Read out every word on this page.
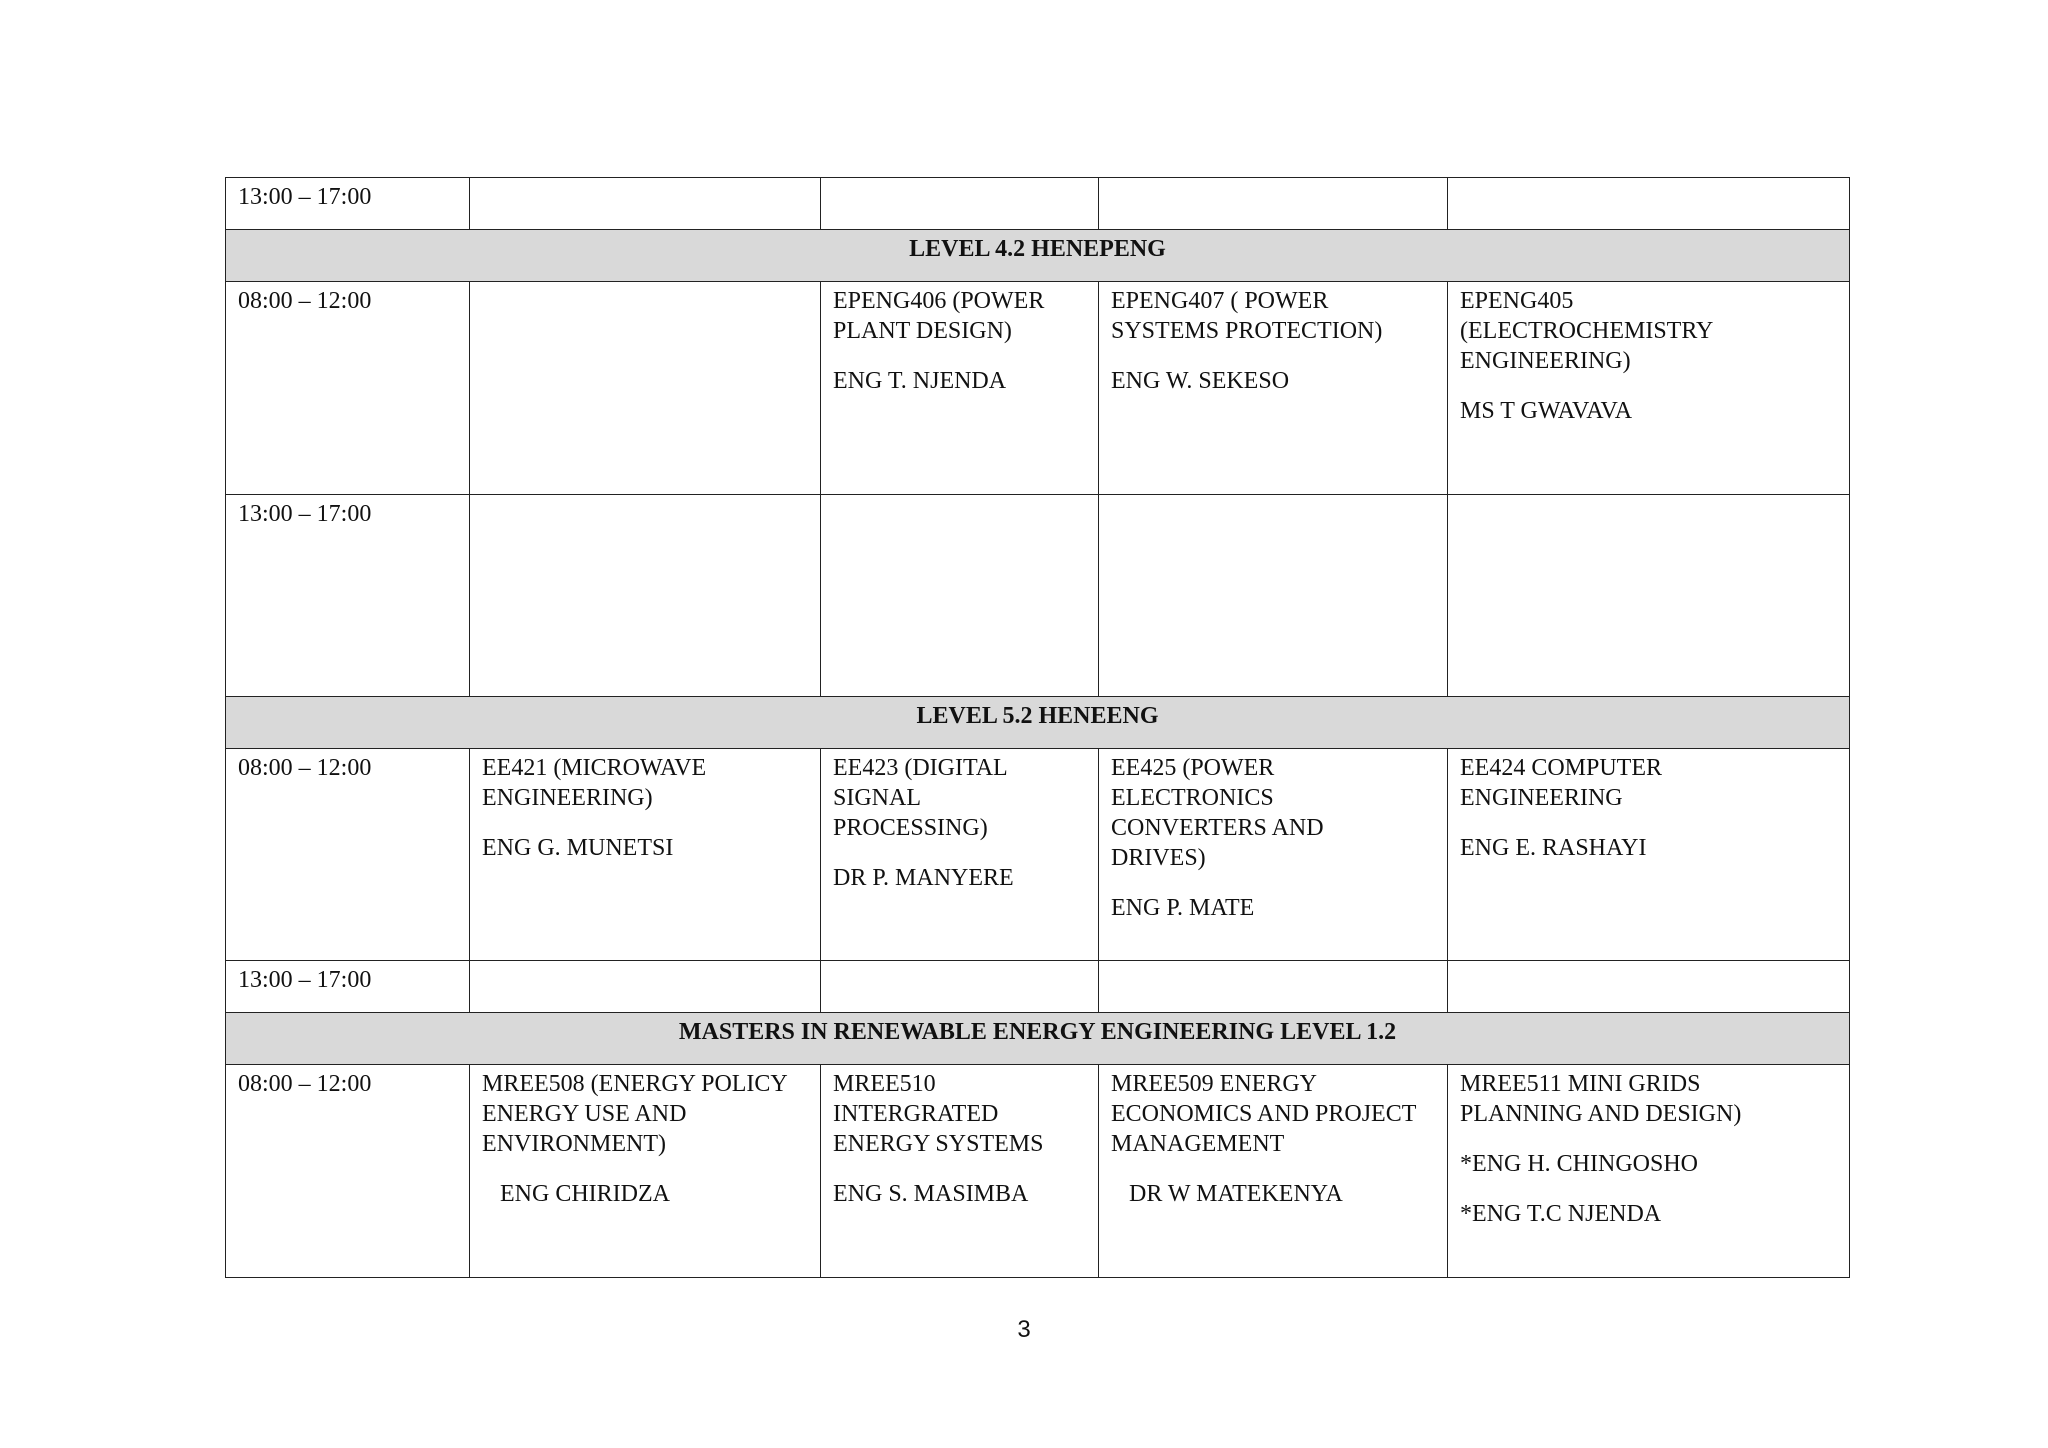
13:00 – 17:00				
LEVEL 4.2 HENEPENG				
08:00 – 12:00		EPENG406 (POWER
PLANT DESIGN)
ENG T. NJENDA	EPENG407 ( POWER
SYSTEMS PROTECTION)
ENG W. SEKESO	EPENG405
(ELECTROCHEMISTRY
ENGINEERING)
MS T GWAVAVA

13:00 – 17:00				
LEVEL 5.2 HENEENG				
08:00 – 12:00	EE421 (MICROWAVE
ENGINEERING)
ENG G. MUNETSI	EE423 (DIGITAL
SIGNAL
PROCESSING)
DR P. MANYERE	EE425 (POWER
ELECTRONICS
CONVERTERS AND
DRIVES)
ENG P. MATE	EE424 COMPUTER
ENGINEERING
ENG E. RASHAYI

13:00 – 17:00				
MASTERS IN RENEWABLE ENERGY ENGINEERING LEVEL 1.2				
08:00 – 12:00	MREE508 (ENERGY POLICY
ENERGY USE AND
ENVIRONMENT)
ENG CHIRIDZA	MREE510
INTERGRATED
ENERGY SYSTEMS
ENG S. MASIMBA	MREE509 ENERGY
ECONOMICS AND PROJECT
MANAGEMENT
DR W MATEKENYA	MREE511 MINI GRIDS
PLANNING AND DESIGN)
*ENG H. CHINGOSHO
*ENG T.C NJENDA
3
